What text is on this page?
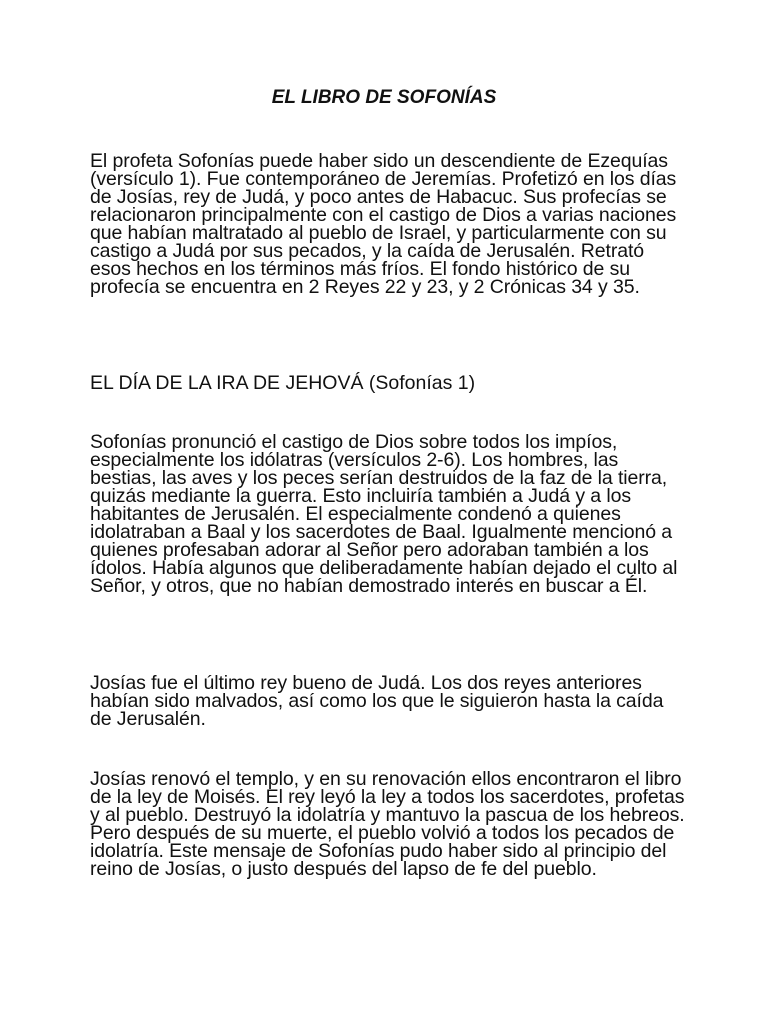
EL LIBRO DE SOFONÍAS

El profeta Sofonías puede haber sido un descendiente de Ezequías (versículo 1). Fue contemporáneo de Jeremías. Profetizó en los días de Josías, rey de Judá, y poco antes de Habacuc. Sus profecías se relacionaron principalmente con el castigo de Dios a varias naciones que habían maltratado al pueblo de Israel, y particularmente con su castigo a Judá por sus pecados, y la caída de Jerusalén. Retrató esos hechos en los términos más fríos. El fondo histórico de su profecía se encuentra en 2 Reyes 22 y 23, y 2 Crónicas 34 y 35.

EL DÍA DE LA IRA DE JEHOVÁ (Sofonías 1)

Sofonías pronunció el castigo de Dios sobre todos los impíos, especialmente los idólatras (versículos 2-6). Los hombres, las bestias, las aves y los peces serían destruidos de la faz de la tierra, quizás mediante la guerra. Esto incluiría también a Judá y a los habitantes de Jerusalén. El especialmente condenó a quienes idolatraban a Baal y los sacerdotes de Baal. Igualmente mencionó a quienes profesaban adorar al Señor pero adoraban también a los ídolos. Había algunos que deliberadamente habían dejado el culto al Señor, y otros, que no habían demostrado interés en buscar a Él.

Josías fue el último rey bueno de Judá. Los dos reyes anteriores habían sido malvados, así como los que le siguieron hasta la caída de Jerusalén.

Josías renovó el templo, y en su renovación ellos encontraron el libro de la ley de Moisés. El rey leyó la ley a todos los sacerdotes, profetas y al pueblo. Destruyó la idolatría y mantuvo la pascua de los hebreos. Pero después de su muerte, el pueblo volvió a todos los pecados de idolatría. Este mensaje de Sofonías pudo haber sido al principio del reino de Josías, o justo después del lapso de fe del pueblo.
